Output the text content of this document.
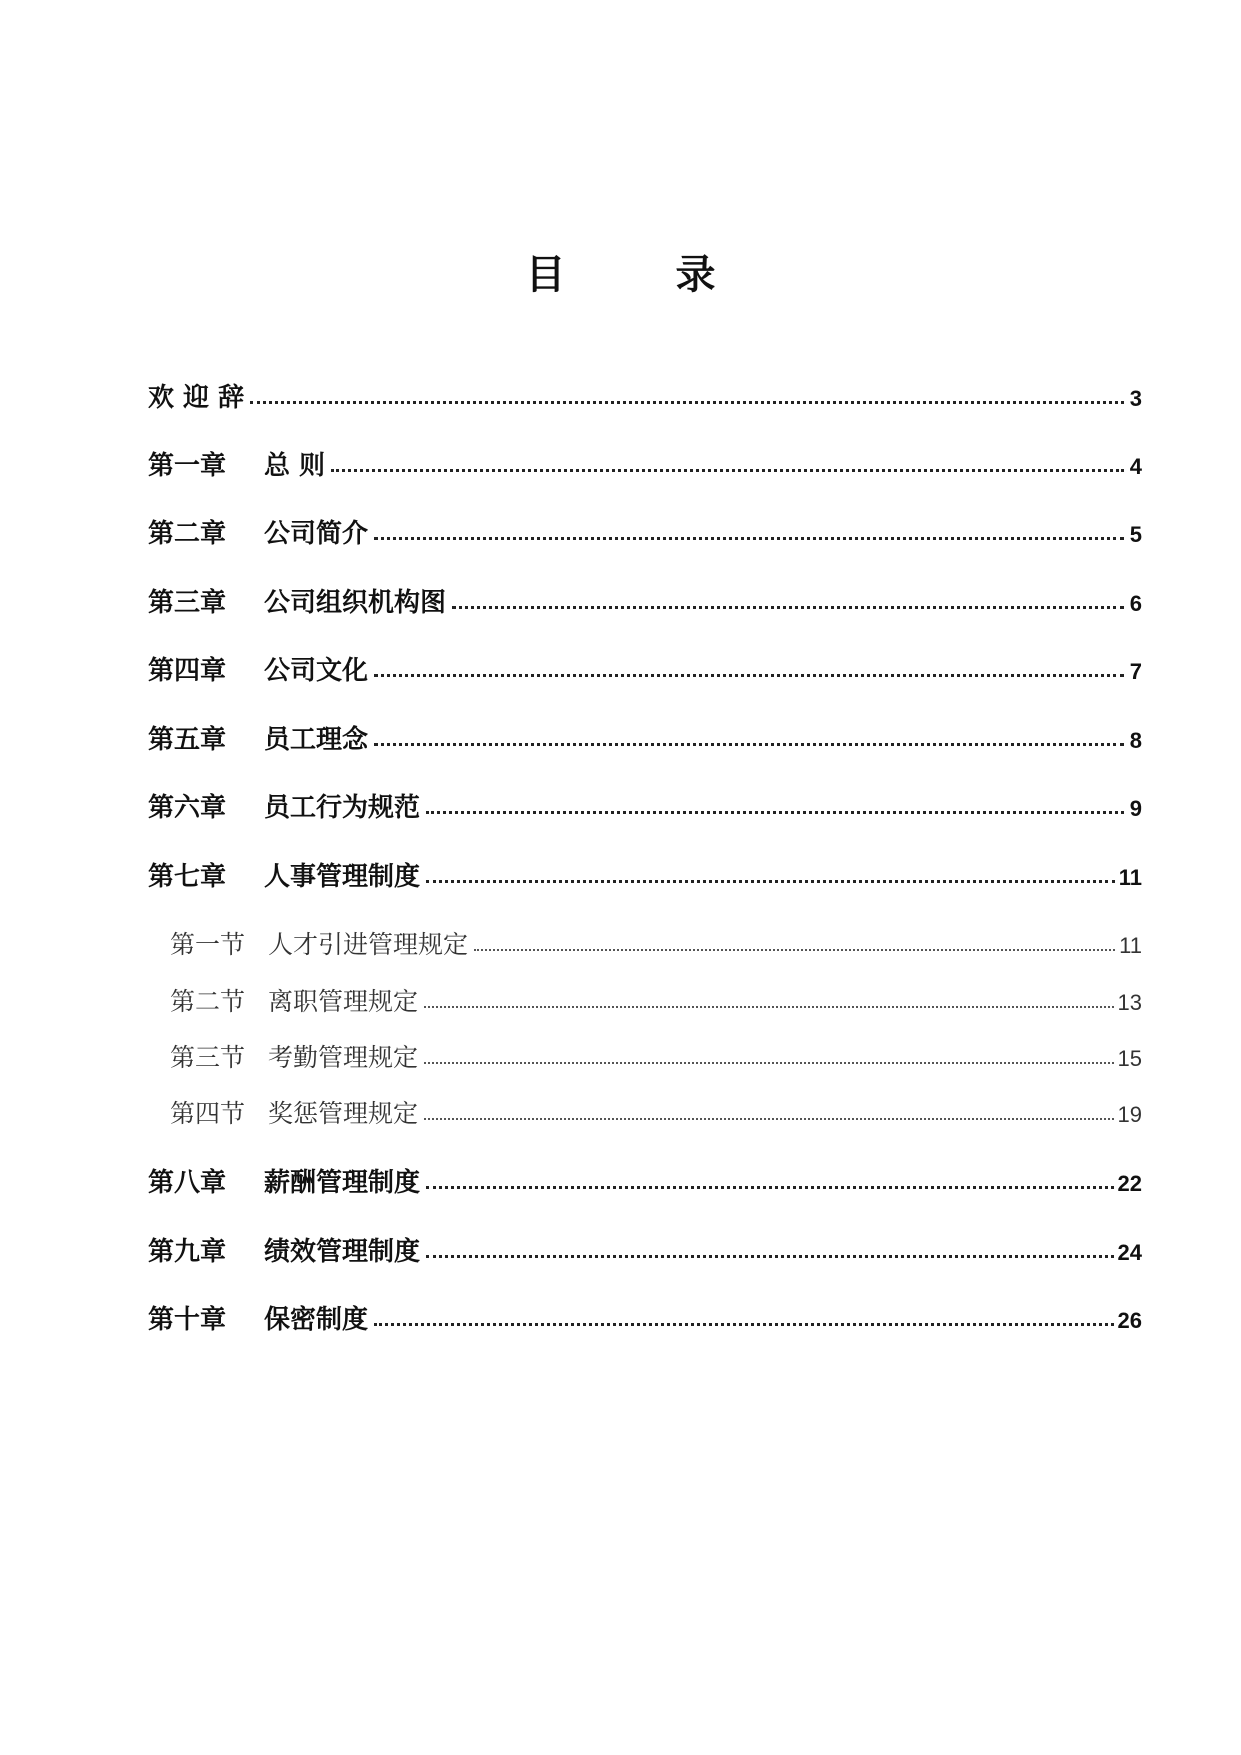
目	录
欢 迎 辞	3
第一章	总 则	4
第二章	公司简介	5
第三章	公司组织机构图	6
第四章	公司文化	7
第五章	员工理念	8
第六章	员工行为规范	9
第七章	人事管理制度	11
第一节 人才引进管理规定	11
第二节 离职管理规定	13
第三节 考勤管理规定	15
第四节 奖惩管理规定	19
第八章	薪酬管理制度	22
第九章	绩效管理制度	24
第十章	保密制度	26
